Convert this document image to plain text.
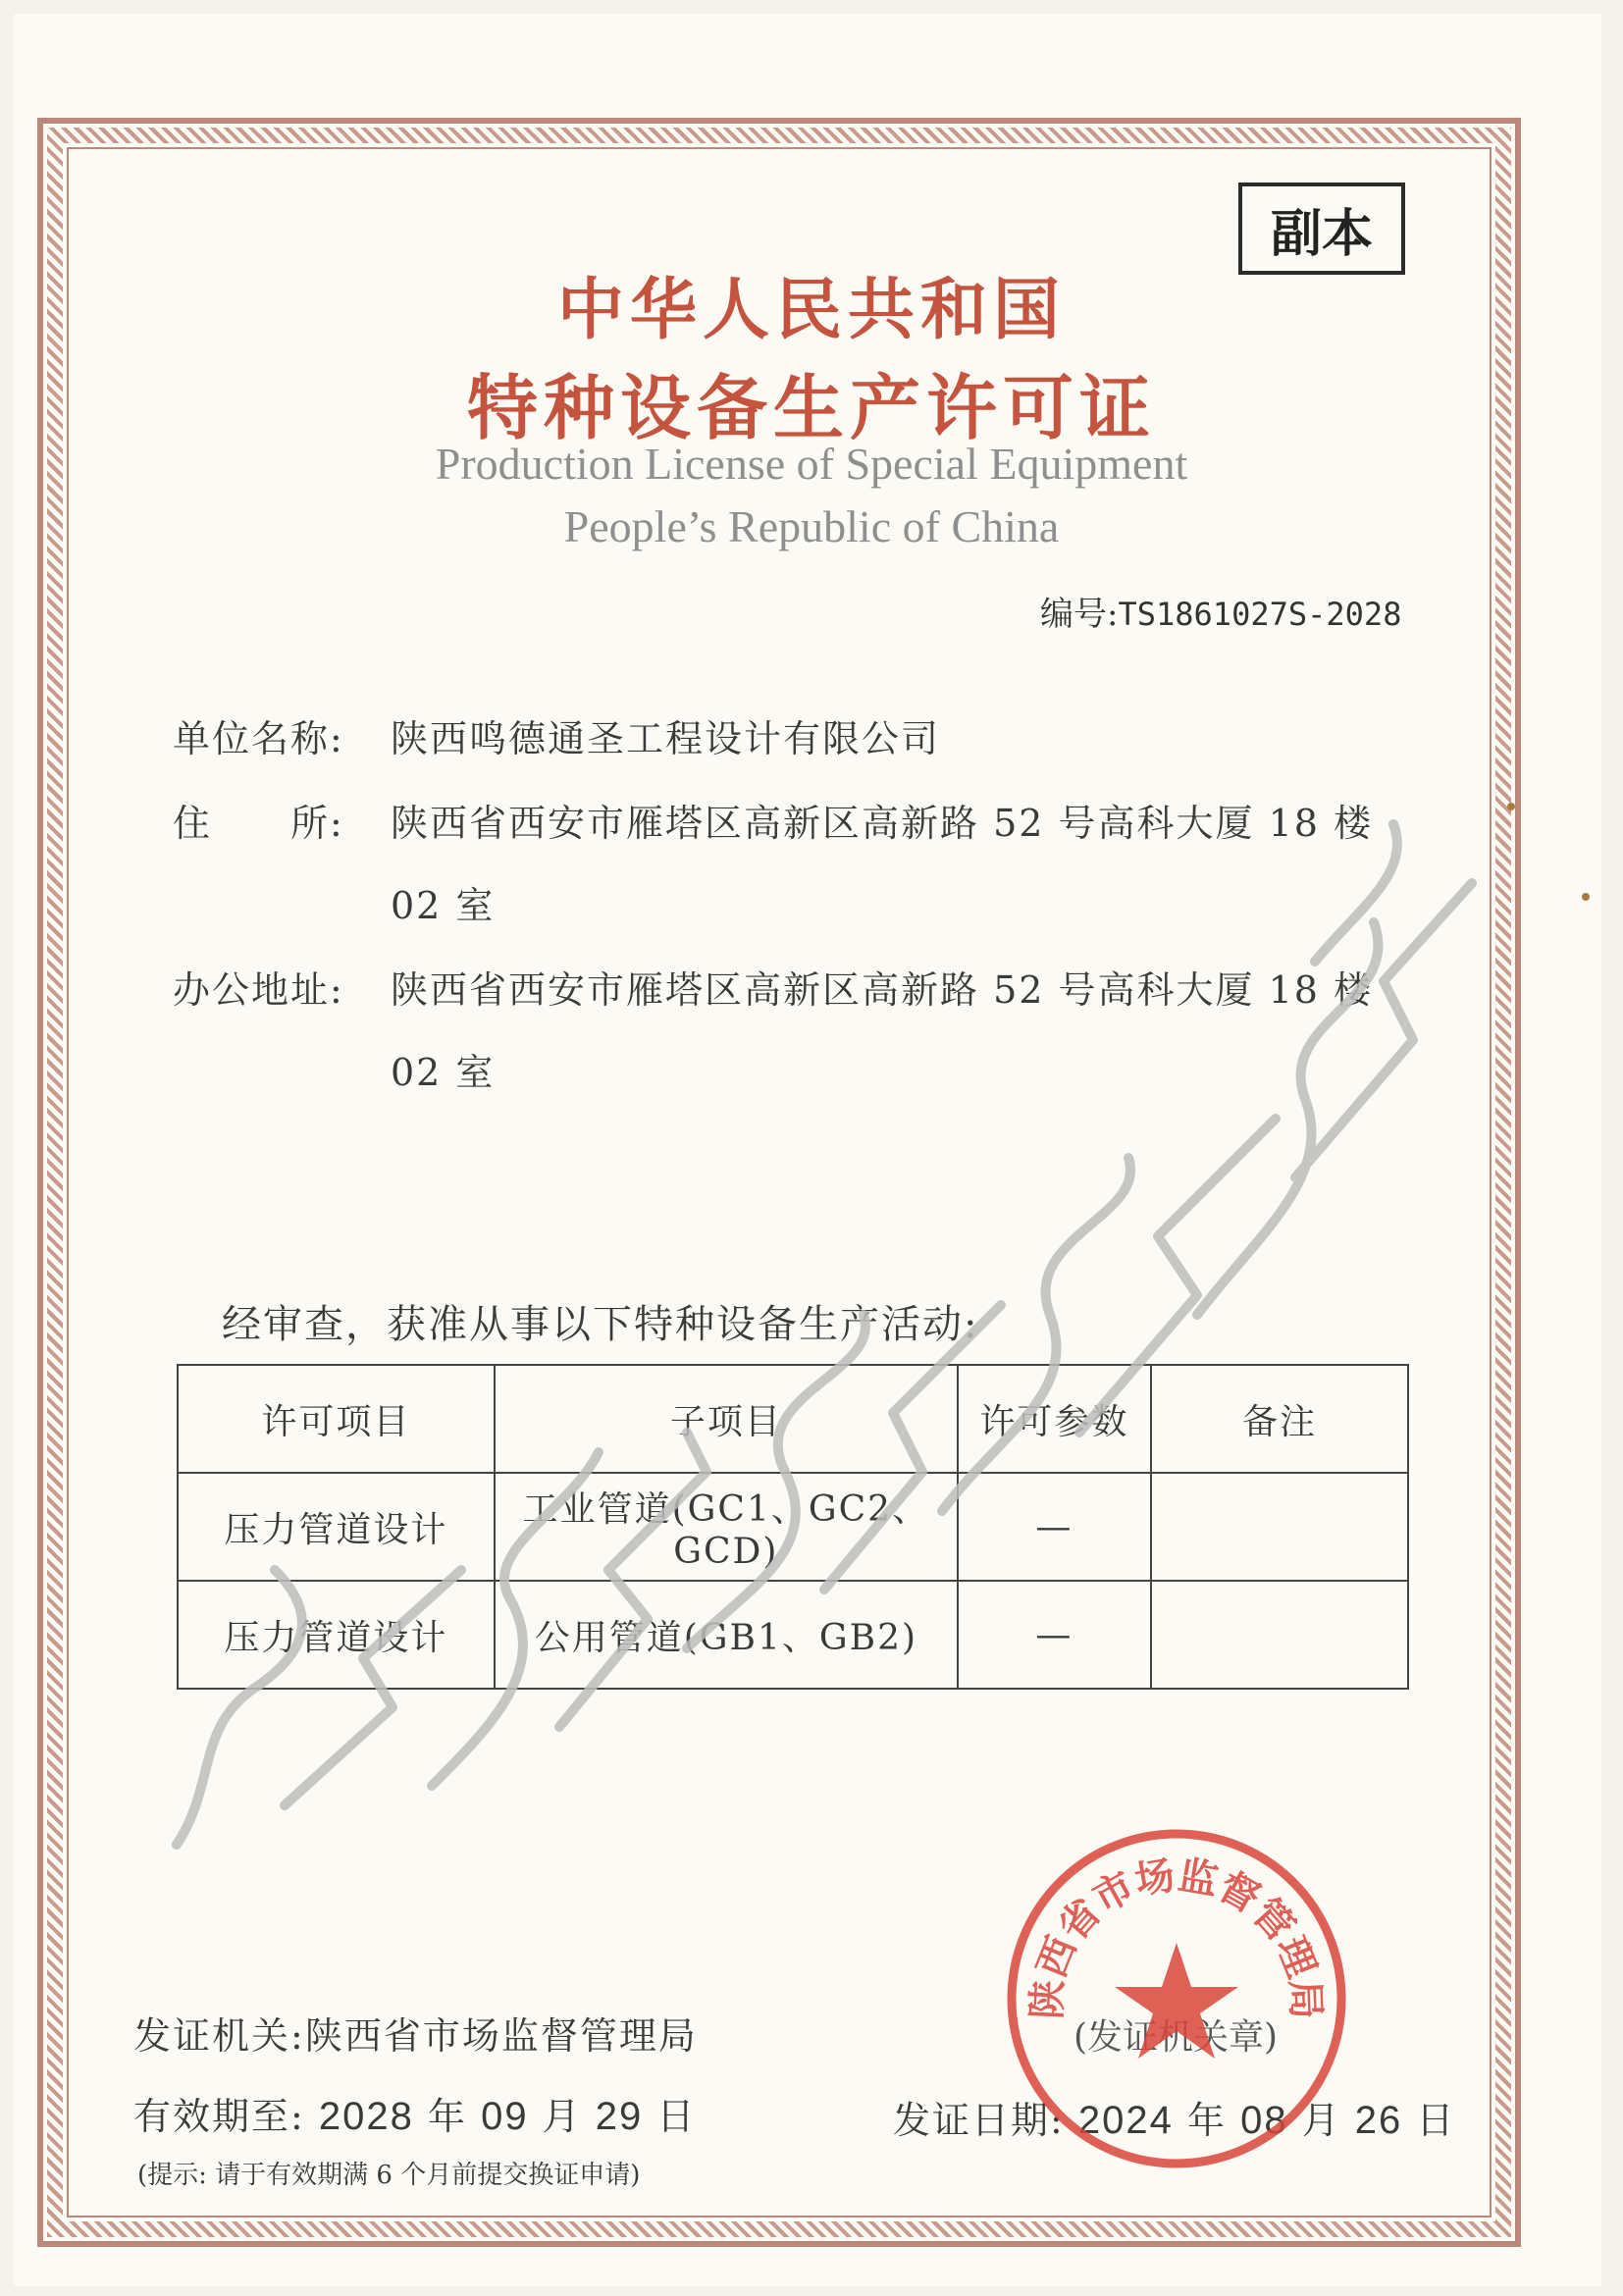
副本
中华人民共和国
特种设备生产许可证
Production License of Special Equipment
People’s Republic of China
编号:TS1861027S-2028
单位名称: 陕西鸣德通圣工程设计有限公司
住　　所: 陕西省西安市雁塔区高新区高新路 52 号高科大厦 18 楼
02 室
办公地址: 陕西省西安市雁塔区高新区高新路 52 号高科大厦 18 楼
02 室
经审查，获准从事以下特种设备生产活动:
许可项目	子项目	许可参数	备注
压力管道设计	工业管道(GC1、GC2、GCD)	—	
压力管道设计	公用管道(GB1、GB2)	—	
发证机关:陕西省市场监督管理局
有效期至: 2028 年 09 月 29 日	发证日期: 2024 年 08 月 26 日
(提示: 请于有效期满 6 个月前提交换证申请)
(发证机关章)
陕西省市场监督管理局
